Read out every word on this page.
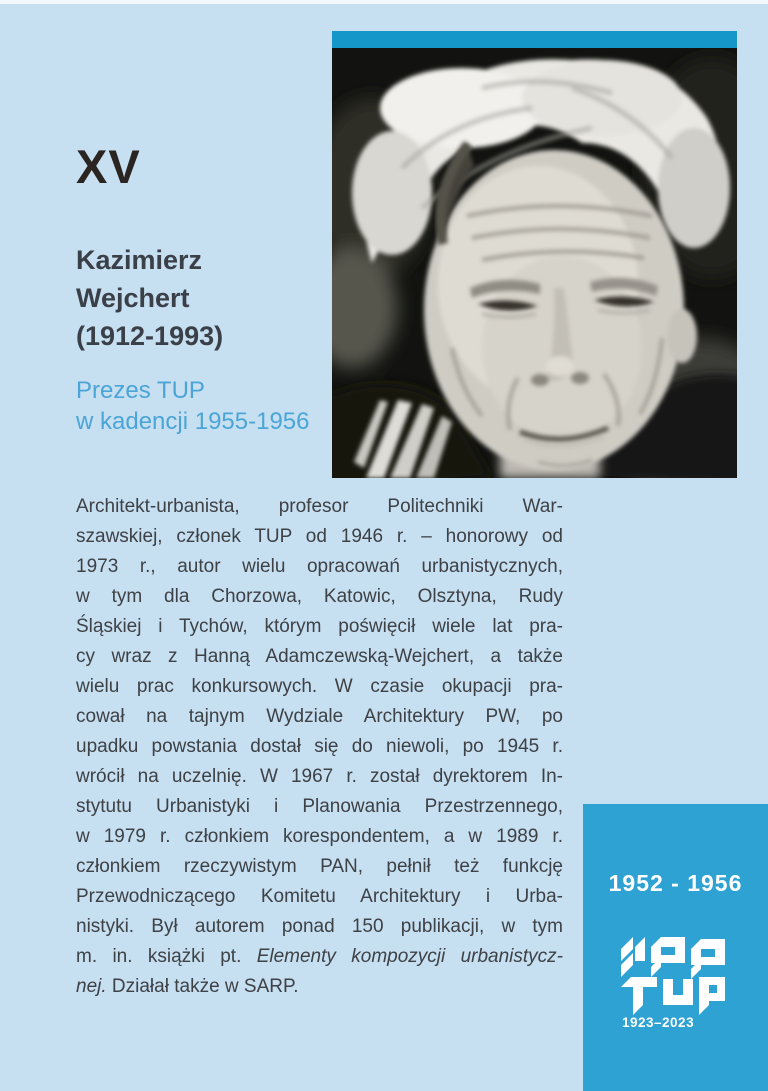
XV
Kazimierz
Wejchert
(1912-1993)
Prezes TUP
w kadencji 1955-1956
Architekt-urbanista, profesor Politechniki War-
szawskiej, członek TUP od 1946 r. – honorowy od
1973 r., autor wielu opracowań urbanistycznych,
w tym dla Chorzowa, Katowic, Olsztyna, Rudy
Śląskiej i Tychów, którym poświęcił wiele lat pra-
cy wraz z Hanną Adamczewską-Wejchert, a także
wielu prac konkursowych. W czasie okupacji pra-
cował na tajnym Wydziale Architektury PW, po
upadku powstania dostał się do niewoli, po 1945 r.
wrócił na uczelnię. W 1967 r. został dyrektorem In-
stytutu Urbanistyki i Planowania Przestrzennego,
w 1979 r. członkiem korespondentem, a w 1989 r.
członkiem rzeczywistym PAN, pełnił też funkcję
Przewodniczącego Komitetu Architektury i Urba-
nistyki. Był autorem ponad 150 publikacji, w tym
m. in. książki pt. Elementy kompozycji urbanistycz-
nej. Działał także w SARP.
1952 - 1956
1923–2023
